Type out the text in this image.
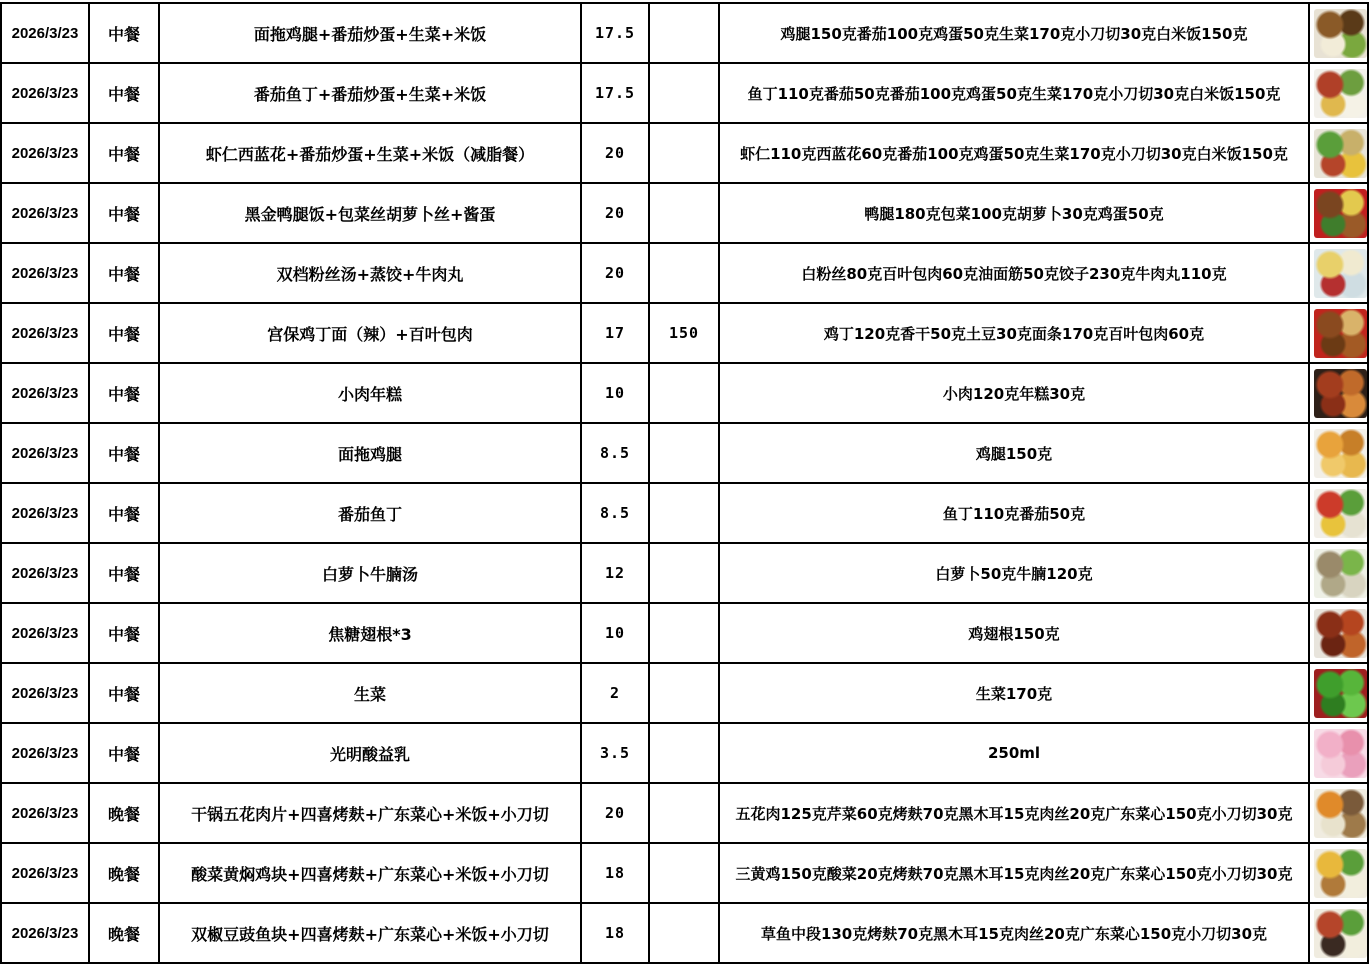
2026/3/23	中餐	面拖鸡腿+番茄炒蛋+生菜+米饭	17.5		鸡腿150克番茄100克鸡蛋50克生菜170克小刀切30克白米饭150克	

2026/3/23	中餐	番茄鱼丁+番茄炒蛋+生菜+米饭	17.5		鱼丁110克番茄50克番茄100克鸡蛋50克生菜170克小刀切30克白米饭150克	

2026/3/23	中餐	虾仁西蓝花+番茄炒蛋+生菜+米饭（减脂餐）	20		虾仁110克西蓝花60克番茄100克鸡蛋50克生菜170克小刀切30克白米饭150克	

2026/3/23	中餐	黑金鸭腿饭+包菜丝胡萝卜丝+酱蛋	20		鸭腿180克包菜100克胡萝卜30克鸡蛋50克	

2026/3/23	中餐	双档粉丝汤+蒸饺+牛肉丸	20		白粉丝80克百叶包肉60克油面筋50克饺子230克牛肉丸110克	

2026/3/23	中餐	宫保鸡丁面（辣）+百叶包肉	17	150	鸡丁120克香干50克土豆30克面条170克百叶包肉60克	

2026/3/23	中餐	小肉年糕	10		小肉120克年糕30克	

2026/3/23	中餐	面拖鸡腿	8.5		鸡腿150克	

2026/3/23	中餐	番茄鱼丁	8.5		鱼丁110克番茄50克	

2026/3/23	中餐	白萝卜牛腩汤	12		白萝卜50克牛腩120克	

2026/3/23	中餐	焦糖翅根*3	10		鸡翅根150克	

2026/3/23	中餐	生菜	2		生菜170克	

2026/3/23	中餐	光明酸益乳	3.5		250ml	

2026/3/23	晚餐	干锅五花肉片+四喜烤麸+广东菜心+米饭+小刀切	20		五花肉125克芹菜60克烤麸70克黑木耳15克肉丝20克广东菜心150克小刀切30克	

2026/3/23	晚餐	酸菜黄焖鸡块+四喜烤麸+广东菜心+米饭+小刀切	18		三黄鸡150克酸菜20克烤麸70克黑木耳15克肉丝20克广东菜心150克小刀切30克	

2026/3/23	晚餐	双椒豆豉鱼块+四喜烤麸+广东菜心+米饭+小刀切	18		草鱼中段130克烤麸70克黑木耳15克肉丝20克广东菜心150克小刀切30克	
